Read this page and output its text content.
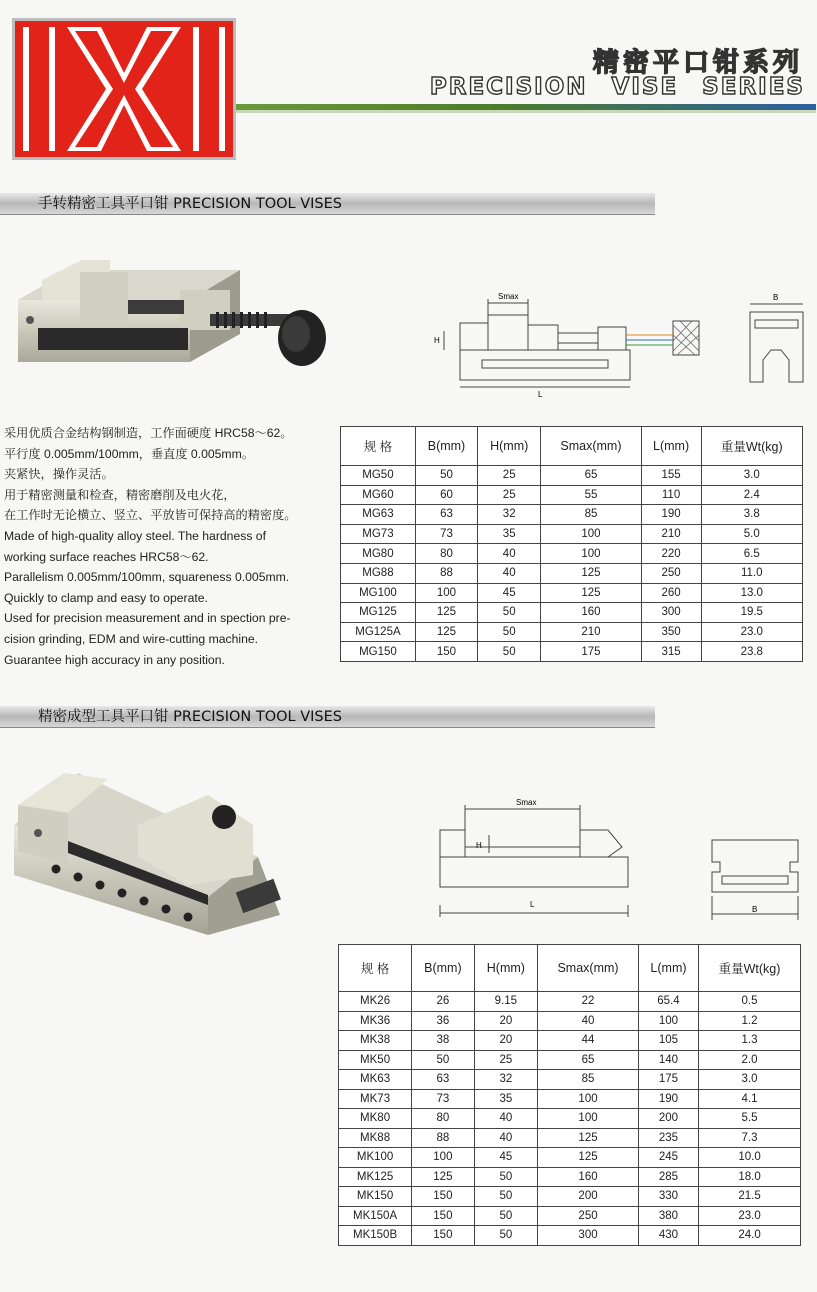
精密平口钳系列
PRECISION VISE SERIES
手转精密工具平口钳 PRECISION TOOL VISES
Smax
H
L
B
采用优质合金结构钢制造，工作面硬度 HRC58～62。
平行度 0.005mm/100mm，垂直度 0.005mm。
夹紧快，操作灵活。
用于精密测量和检查，精密磨削及电火花，
在工作时无论横立、竖立、平放皆可保持高的精密度。
Made of high-quality alloy steel. The hardness of
working surface reaches HRC58～62.
Parallelism 0.005mm/100mm, squareness 0.005mm.
Quickly to clamp and easy to operate.
Used for precision measurement and in spection pre-
cision grinding, EDM and wire-cutting machine.
Guarantee high accuracy in any position.
规 格	B(mm)	H(mm)	Smax(mm)	L(mm)	重量Wt(kg)
MG50	50	25	65	155	3.0
MG60	60	25	55	110	2.4
MG63	63	32	85	190	3.8
MG73	73	35	100	210	5.0
MG80	80	40	100	220	6.5
MG88	88	40	125	250	11.0
MG100	100	45	125	260	13.0
MG125	125	50	160	300	19.5
MG125A	125	50	210	350	23.0
MG150	150	50	175	315	23.8
精密成型工具平口钳 PRECISION TOOL VISES
Smax
H
L
B
规 格	B(mm)	H(mm)	Smax(mm)	L(mm)	重量Wt(kg)
MK26	26	9.15	22	65.4	0.5
MK36	36	20	40	100	1.2
MK38	38	20	44	105	1.3
MK50	50	25	65	140	2.0
MK63	63	32	85	175	3.0
MK73	73	35	100	190	4.1
MK80	80	40	100	200	5.5
MK88	88	40	125	235	7.3
MK100	100	45	125	245	10.0
MK125	125	50	160	285	18.0
MK150	150	50	200	330	21.5
MK150A	150	50	250	380	23.0
MK150B	150	50	300	430	24.0
